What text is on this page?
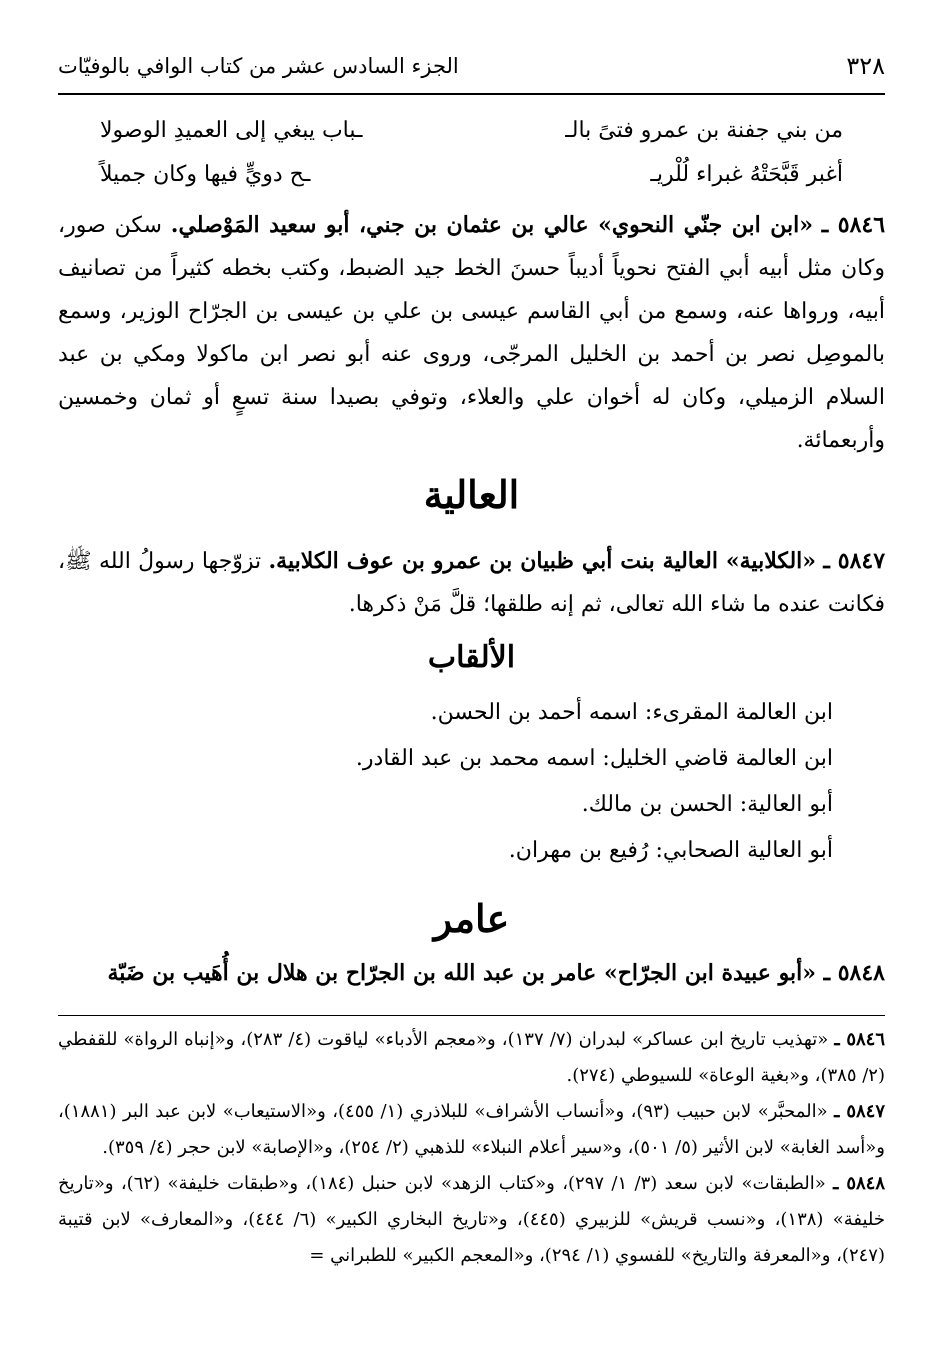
٣٢٨
الجزء السادس عشر من كتاب الوافي بالوفيّات
من بني جفنة بن عمرو فتىً بالـ
ـباب يبغي إلى العميدِ الوصولا
أغبر قَبَّحَتْهُ غبراء لُلْريـ
ـح دويٍّ فيها وكان جميلاً
٥٨٤٦ ـ «ابن ابن جنّي النحوي» عالي بن عثمان بن جني، أبو سعيد المَوْصلي. سكن صور، وكان مثل أبيه أبي الفتح نحوياً أديباً حسنَ الخط جيد الضبط، وكتب بخطه كثيراً من تصانيف أبيه، ورواها عنه، وسمع من أبي القاسم عيسى بن علي بن عيسى بن الجرّاح الوزير، وسمع بالموصِل نصر بن أحمد بن الخليل المرجّى، وروى عنه أبو نصر ابن ماكولا ومكي بن عبد السلام الزميلي، وكان له أخوان علي والعلاء، وتوفي بصيدا سنة تسعٍ أو ثمان وخمسين وأربعمائة.
العالية
٥٨٤٧ ـ «الكلابية» العالية بنت أبي ظبيان بن عمرو بن عوف الكلابية. تزوّجها رسولُ الله ﷺ، فكانت عنده ما شاء الله تعالى، ثم إنه طلقها؛ قلَّ مَنْ ذكرها.
الألقاب
ابن العالمة المقرىء: اسمه أحمد بن الحسن.
ابن العالمة قاضي الخليل: اسمه محمد بن عبد القادر.
أبو العالية: الحسن بن مالك.
أبو العالية الصحابي: رُفيع بن مهران.
عامر
٥٨٤٨ ـ «أبو عبيدة ابن الجرّاح» عامر بن عبد الله بن الجرّاح بن هلال بن أُهَيب بن ضَبّة
٥٨٤٦ ـ «تهذيب تاريخ ابن عساكر» لبدران (٧/ ١٣٧)، و«معجم الأدباء» لياقوت (٤/ ٢٨٣)، و«إنباه الرواة» للقفطي (٢/ ٣٨٥)، و«بغية الوعاة» للسيوطي (٢٧٤).
٥٨٤٧ ـ «المحبَّر» لابن حبيب (٩٣)، و«أنساب الأشراف» للبلاذري (١/ ٤٥٥)، و«الاستيعاب» لابن عبد البر (١٨٨١)، و«أسد الغابة» لابن الأثير (٥/ ٥٠١)، و«سير أعلام النبلاء» للذهبي (٢/ ٢٥٤)، و«الإصابة» لابن حجر (٤/ ٣٥٩).
٥٨٤٨ ـ «الطبقات» لابن سعد (٣/ ١/ ٢٩٧)، و«كتاب الزهد» لابن حنبل (١٨٤)، و«طبقات خليفة» (٦٢)، و«تاريخ خليفة» (١٣٨)، و«نسب قريش» للزبيري (٤٤٥)، و«تاريخ البخاري الكبير» (٦/ ٤٤٤)، و«المعارف» لابن قتيبة (٢٤٧)، و«المعرفة والتاريخ» للفسوي (١/ ٢٩٤)، و«المعجم الكبير» للطبراني =
